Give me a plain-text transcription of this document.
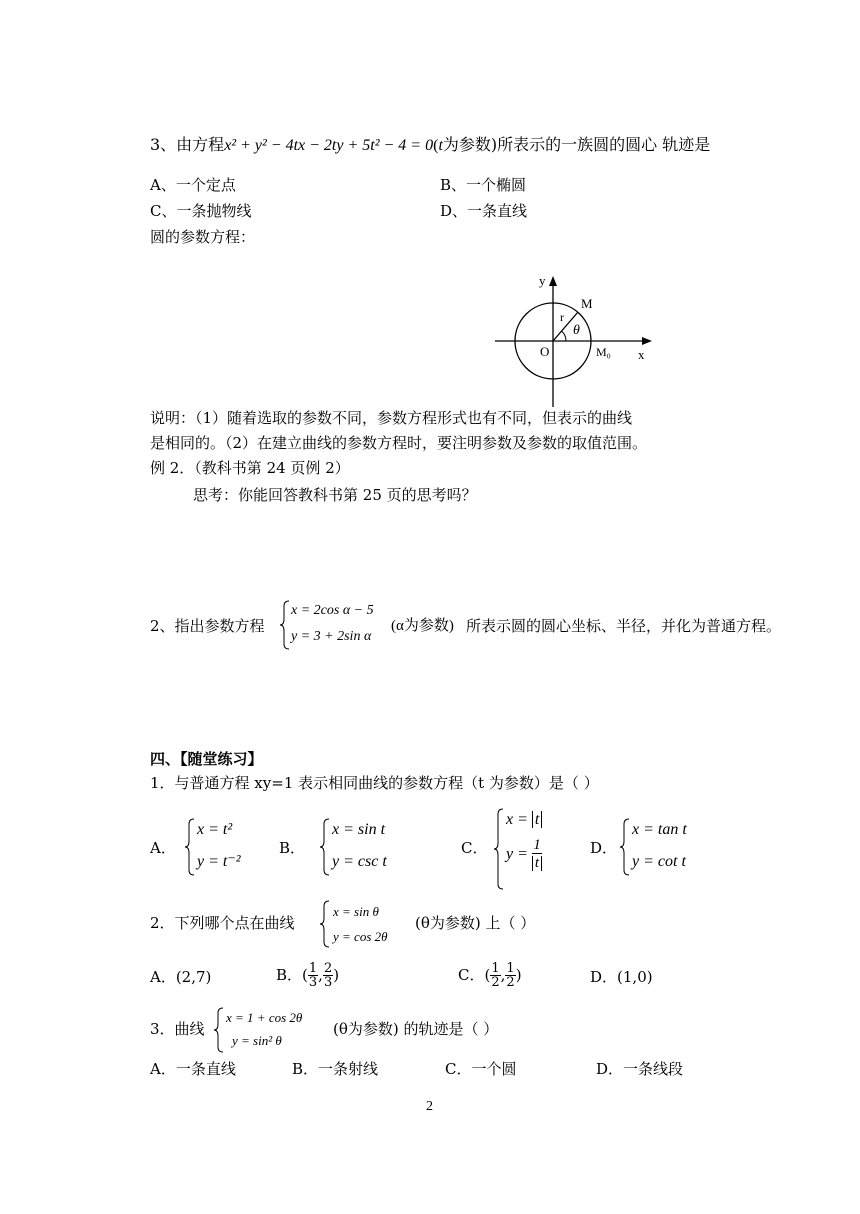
3、由方程x² + y² − 4tx − 2ty + 5t² − 4 = 0(t为参数)所表示的一族圆的圆心 轨迹是
A、一个定点	B、一个椭圆
C、一条抛物线	D、一条直线
圆的参数方程：
y
x
M
r
θ
O	M₀
说明：（1）随着选取的参数不同，参数方程形式也有不同，但表示的曲线
是相同的。（2）在建立曲线的参数方程时，要注明参数及参数的取值范围。
例 2．（教科书第 24 页例 2）
思考：你能回答教科书第 25 页的思考吗？
2、指出参数方程
x = 2cos α − 5
y = 3 + 2sin α
(α为参数) 所表示圆的圆心坐标、半径，并化为普通方程。
四、【随堂练习】
1．与普通方程 xy=1 表示相同曲线的参数方程（t 为参数）是（ ）
A．
x = t²
y = t⁻²
B．
x = sin t
y = csc t
C．
x = t
$y = \frac{1}{t}$	D．
x = tan t
y = cot t
2．下列哪个点在曲线
x = sin θ
y = cos 2θ
(θ为参数) 上（ ）
A．(2,7)	B．( $\frac{1}{3}$ , $\frac{2}{3}$ )	C．( $\frac{1}{2}$ , $\frac{1}{2}$ )	D．(1,0)
3．曲线
x = 1 + cos 2θ
y = sin² θ
(θ为参数) 的轨迹是（ ）
A．一条直线	B．一条射线	C．一个圆	D．一条线段
2
